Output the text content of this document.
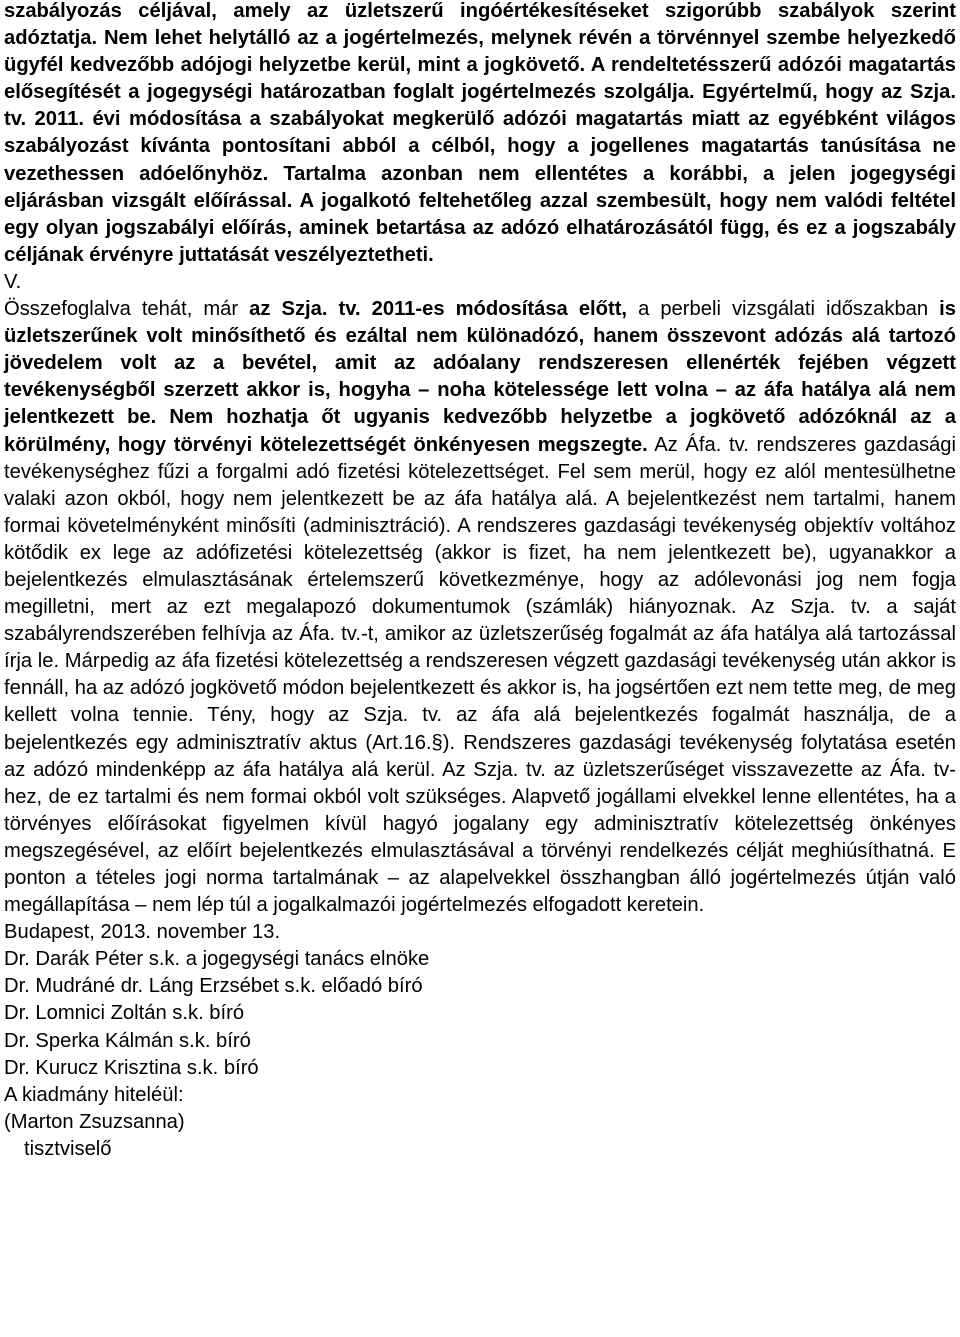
szabályozás céljával, amely az üzletszerű ingóértékesítéseket szigorúbb szabályok szerint adóztatja. Nem lehet helytálló az a jogértelmezés, melynek révén a törvénnyel szembe helyezkedő ügyfél kedvezőbb adójogi helyzetbe kerül, mint a jogkövető. A rendeltetésszerű adózói magatartás elősegítését a jogegységi határozatban foglalt jogértelmezés szolgálja. Egyértelmű, hogy az Szja. tv. 2011. évi módosítása a szabályokat megkerülő adózói magatartás miatt az egyébként világos szabályozást kívánta pontosítani abból a célból, hogy a jogellenes magatartás tanúsítása ne vezethessen adóelőnyhöz. Tartalma azonban nem ellentétes a korábbi, a jelen jogegységi eljárásban vizsgált előírással. A jogalkotó feltehetőleg azzal szembesült, hogy nem valódi feltétel egy olyan jogszabályi előírás, aminek betartása az adózó elhatározásától függ, és ez a jogszabály céljának érvényre juttatását veszélyeztetheti.

V.

Összefoglalva tehát, már az Szja. tv. 2011-es módosítása előtt, a perbeli vizsgálati időszakban is üzletszerűnek volt minősíthető és ezáltal nem különadózó, hanem összevont adózás alá tartozó jövedelem volt az a bevétel, amit az adóalany rendszeresen ellenérték fejében végzett tevékenységből szerzett akkor is, hogyha – noha kötelessége lett volna – az áfa hatálya alá nem jelentkezett be. Nem hozhatja őt ugyanis kedvezőbb helyzetbe a jogkövető adózóknál az a körülmény, hogy törvényi kötelezettségét önkényesen megszegte. Az Áfa. tv. rendszeres gazdasági tevékenységhez fűzi a forgalmi adó fizetési kötelezettséget. Fel sem merül, hogy ez alól mentesülhetne valaki azon okból, hogy nem jelentkezett be az áfa hatálya alá. A bejelentkezést nem tartalmi, hanem formai követelményként minősíti (adminisztráció). A rendszeres gazdasági tevékenység objektív voltához kötődik ex lege az adófizetési kötelezettség (akkor is fizet, ha nem jelentkezett be), ugyanakkor a bejelentkezés elmulasztásának értelemszerű következménye, hogy az adólevonási jog nem fogja megilletni, mert az ezt megalapozó dokumentumok (számlák) hiányoznak. Az Szja. tv. a saját szabályrendszerében felhívja az Áfa. tv.-t, amikor az üzletszerűség fogalmát az áfa hatálya alá tartozással írja le. Márpedig az áfa fizetési kötelezettség a rendszeresen végzett gazdasági tevékenység után akkor is fennáll, ha az adózó jogkövető módon bejelentkezett és akkor is, ha jogsértően ezt nem tette meg, de meg kellett volna tennie. Tény, hogy az Szja. tv. az áfa alá bejelentkezés fogalmát használja, de a bejelentkezés egy adminisztratív aktus (Art.16.§). Rendszeres gazdasági tevékenység folytatása esetén az adózó mindenképp az áfa hatálya alá kerül. Az Szja. tv. az üzletszerűséget visszavezette az Áfa. tv-hez, de ez tartalmi és nem formai okból volt szükséges. Alapvető jogállami elvekkel lenne ellentétes, ha a törvényes előírásokat figyelmen kívül hagyó jogalany egy adminisztratív kötelezettség önkényes megszegésével, az előírt bejelentkezés elmulasztásával a törvényi rendelkezés célját meghiúsíthatná. E ponton a tételes jogi norma tartalmának – az alapelvekkel összhangban álló jogértelmezés útján való megállapítása – nem lép túl a jogalkalmazói jogértelmezés elfogadott keretein.

Budapest, 2013. november 13.

Dr. Darák Péter s.k. a jogegységi tanács elnöke

Dr. Mudráné dr. Láng Erzsébet s.k. előadó bíró

Dr. Lomnici Zoltán s.k. bíró

Dr. Sperka Kálmán s.k. bíró

Dr. Kurucz Krisztina s.k. bíró

A kiadmány hiteléül:

(Marton Zsuzsanna)

tisztviselő
